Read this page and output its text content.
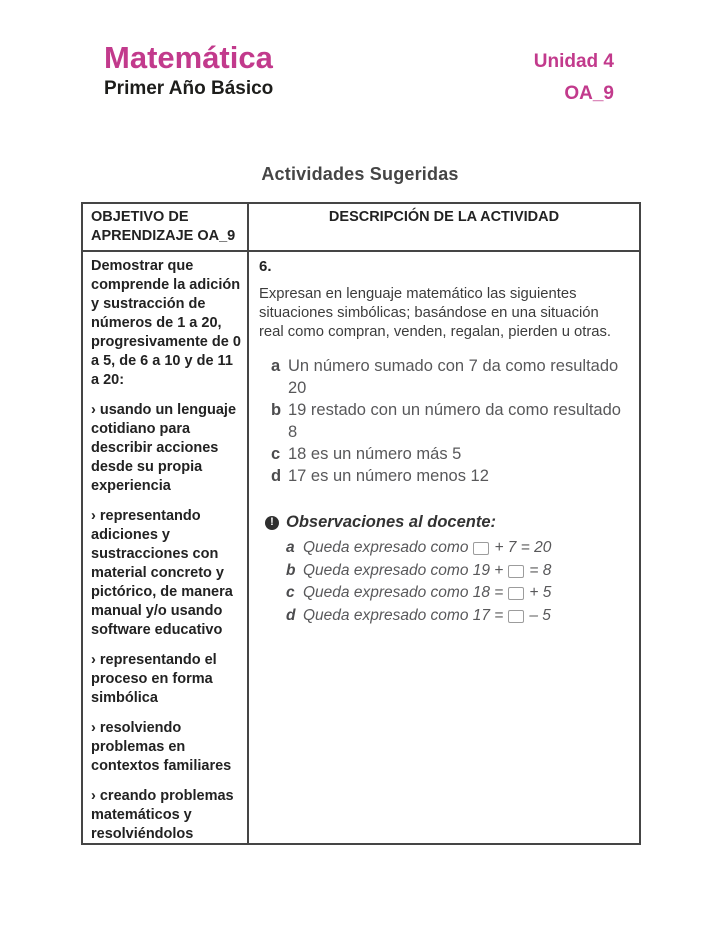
Matemática
Primer Año Básico
Unidad 4
OA_9
Actividades Sugeridas
OBJETIVO DE APRENDIZAJE OA_9
DESCRIPCIÓN DE LA ACTIVIDAD

Demostrar que comprende la adición y sustracción de números de 1 a 20, progresivamente de 0 a 5, de 6 a 10 y de 11 a 20:

› usando un lenguaje cotidiano para describir acciones desde su propia experiencia

› representando adiciones y sustracciones con material concreto y pictórico, de manera manual y/o usando software educativo

› representando el proceso en forma simbólica

› resolviendo problemas en contextos familiares

› creando problemas matemáticos y resolviéndolos

6.

Expresan en lenguaje matemático las siguientes situaciones simbólicas; basándose en una situación real como compran, venden, regalan, pierden u otras.

a Un número sumado con 7 da como resultado 20
b 19 restado con un número da como resultado 8
c 18 es un número más 5
d 17 es un número menos 12
! Observaciones al docente:
a Queda expresado como + 7 = 20
b Queda expresado como 19 + = 8
c Queda expresado como 18 = + 5
d Queda expresado como 17 = – 5
